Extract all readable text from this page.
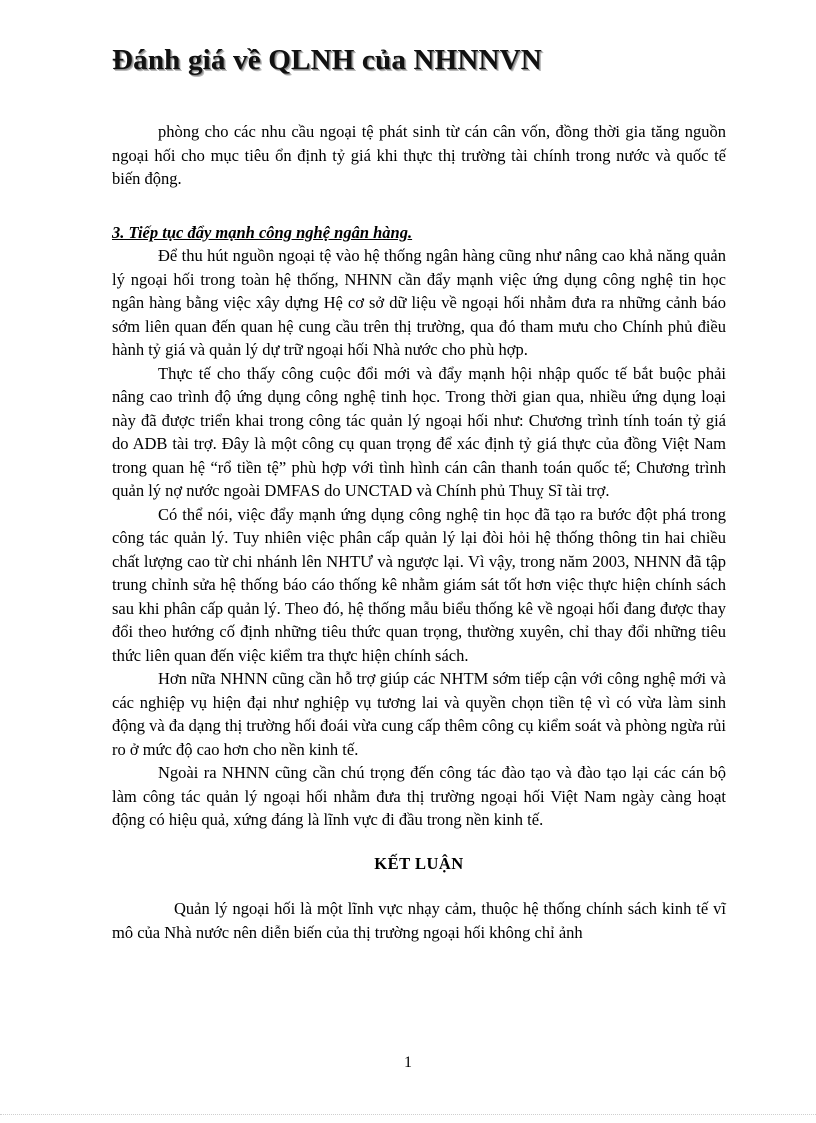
Đánh giá về QLNH của NHNNVN

phòng cho các nhu cầu ngoại tệ phát sinh từ cán cân vốn, đồng thời gia tăng nguồn ngoại hối cho mục tiêu ổn định tỷ giá khi thực thị trường tài chính trong nước và quốc tế biến động.

3. Tiếp tục đẩy mạnh công nghệ ngân hàng.

Để thu hút nguồn ngoại tệ vào hệ thống ngân hàng cũng như nâng cao khả năng quản lý ngoại hối trong toàn hệ thống, NHNN cần đẩy mạnh việc ứng dụng công nghệ tin học ngân hàng bằng việc xây dựng Hệ cơ sở dữ liệu về ngoại hối nhằm đưa ra những cảnh báo sớm liên quan đến quan hệ cung cầu trên thị trường, qua đó tham mưu cho Chính phủ điều hành tỷ giá và quản lý dự trữ ngoại hối Nhà nước cho phù hợp.

Thực tế cho thấy công cuộc đổi mới và đẩy mạnh hội nhập quốc tế bắt buộc phải nâng cao trình độ ứng dụng công nghệ tinh học. Trong thời gian qua, nhiều ứng dụng loại này đã được triển khai trong công tác quản lý ngoại hối như: Chương trình tính toán tỷ giá do ADB tài trợ. Đây là một công cụ quan trọng để xác định tỷ giá thực của đồng Việt Nam trong quan hệ “rổ tiền tệ” phù hợp với tình hình cán cân thanh toán quốc tế; Chương trình quản lý nợ nước ngoài DMFAS do UNCTAD và Chính phủ Thuỵ Sĩ tài trợ.

Có thể nói, việc đẩy mạnh ứng dụng công nghệ tin học đã tạo ra bước đột phá trong công tác quản lý. Tuy nhiên việc phân cấp quản lý lại đòi hỏi hệ thống thông tin hai chiều chất lượng cao từ chi nhánh lên NHTƯ và ngược lại. Vì vậy, trong năm 2003, NHNN đã tập trung chỉnh sửa hệ thống báo cáo thống kê nhằm giám sát tốt hơn việc thực hiện chính sách sau khi phân cấp quản lý. Theo đó, hệ thống mẫu biểu thống kê về ngoại hối đang được thay đổi theo hướng cố định những tiêu thức quan trọng, thường xuyên, chỉ thay đổi những tiêu thức liên quan đến việc kiểm tra thực hiện chính sách.

Hơn nữa NHNN cũng cần hỗ trợ giúp các NHTM sớm tiếp cận với công nghệ mới và các nghiệp vụ hiện đại như nghiệp vụ tương lai và quyền chọn tiền tệ vì có vừa làm sinh động và đa dạng thị trường hối đoái vừa cung cấp thêm công cụ kiểm soát và phòng ngừa rủi ro ở mức độ cao hơn cho nền kinh tế.

Ngoài ra NHNN cũng cần chú trọng đến công tác đào tạo và đào tạo lại các cán bộ làm công tác quản lý ngoại hối nhằm đưa thị trường ngoại hối Việt Nam ngày càng hoạt động có hiệu quả, xứng đáng là lĩnh vực đi đầu trong nền kinh tế.

KẾT LUẬN

Quản lý ngoại hối là một lĩnh vực nhạy cảm, thuộc hệ thống chính sách kinh tế vĩ mô của Nhà nước nên diễn biến của thị trường ngoại hối không chỉ ảnh

1
